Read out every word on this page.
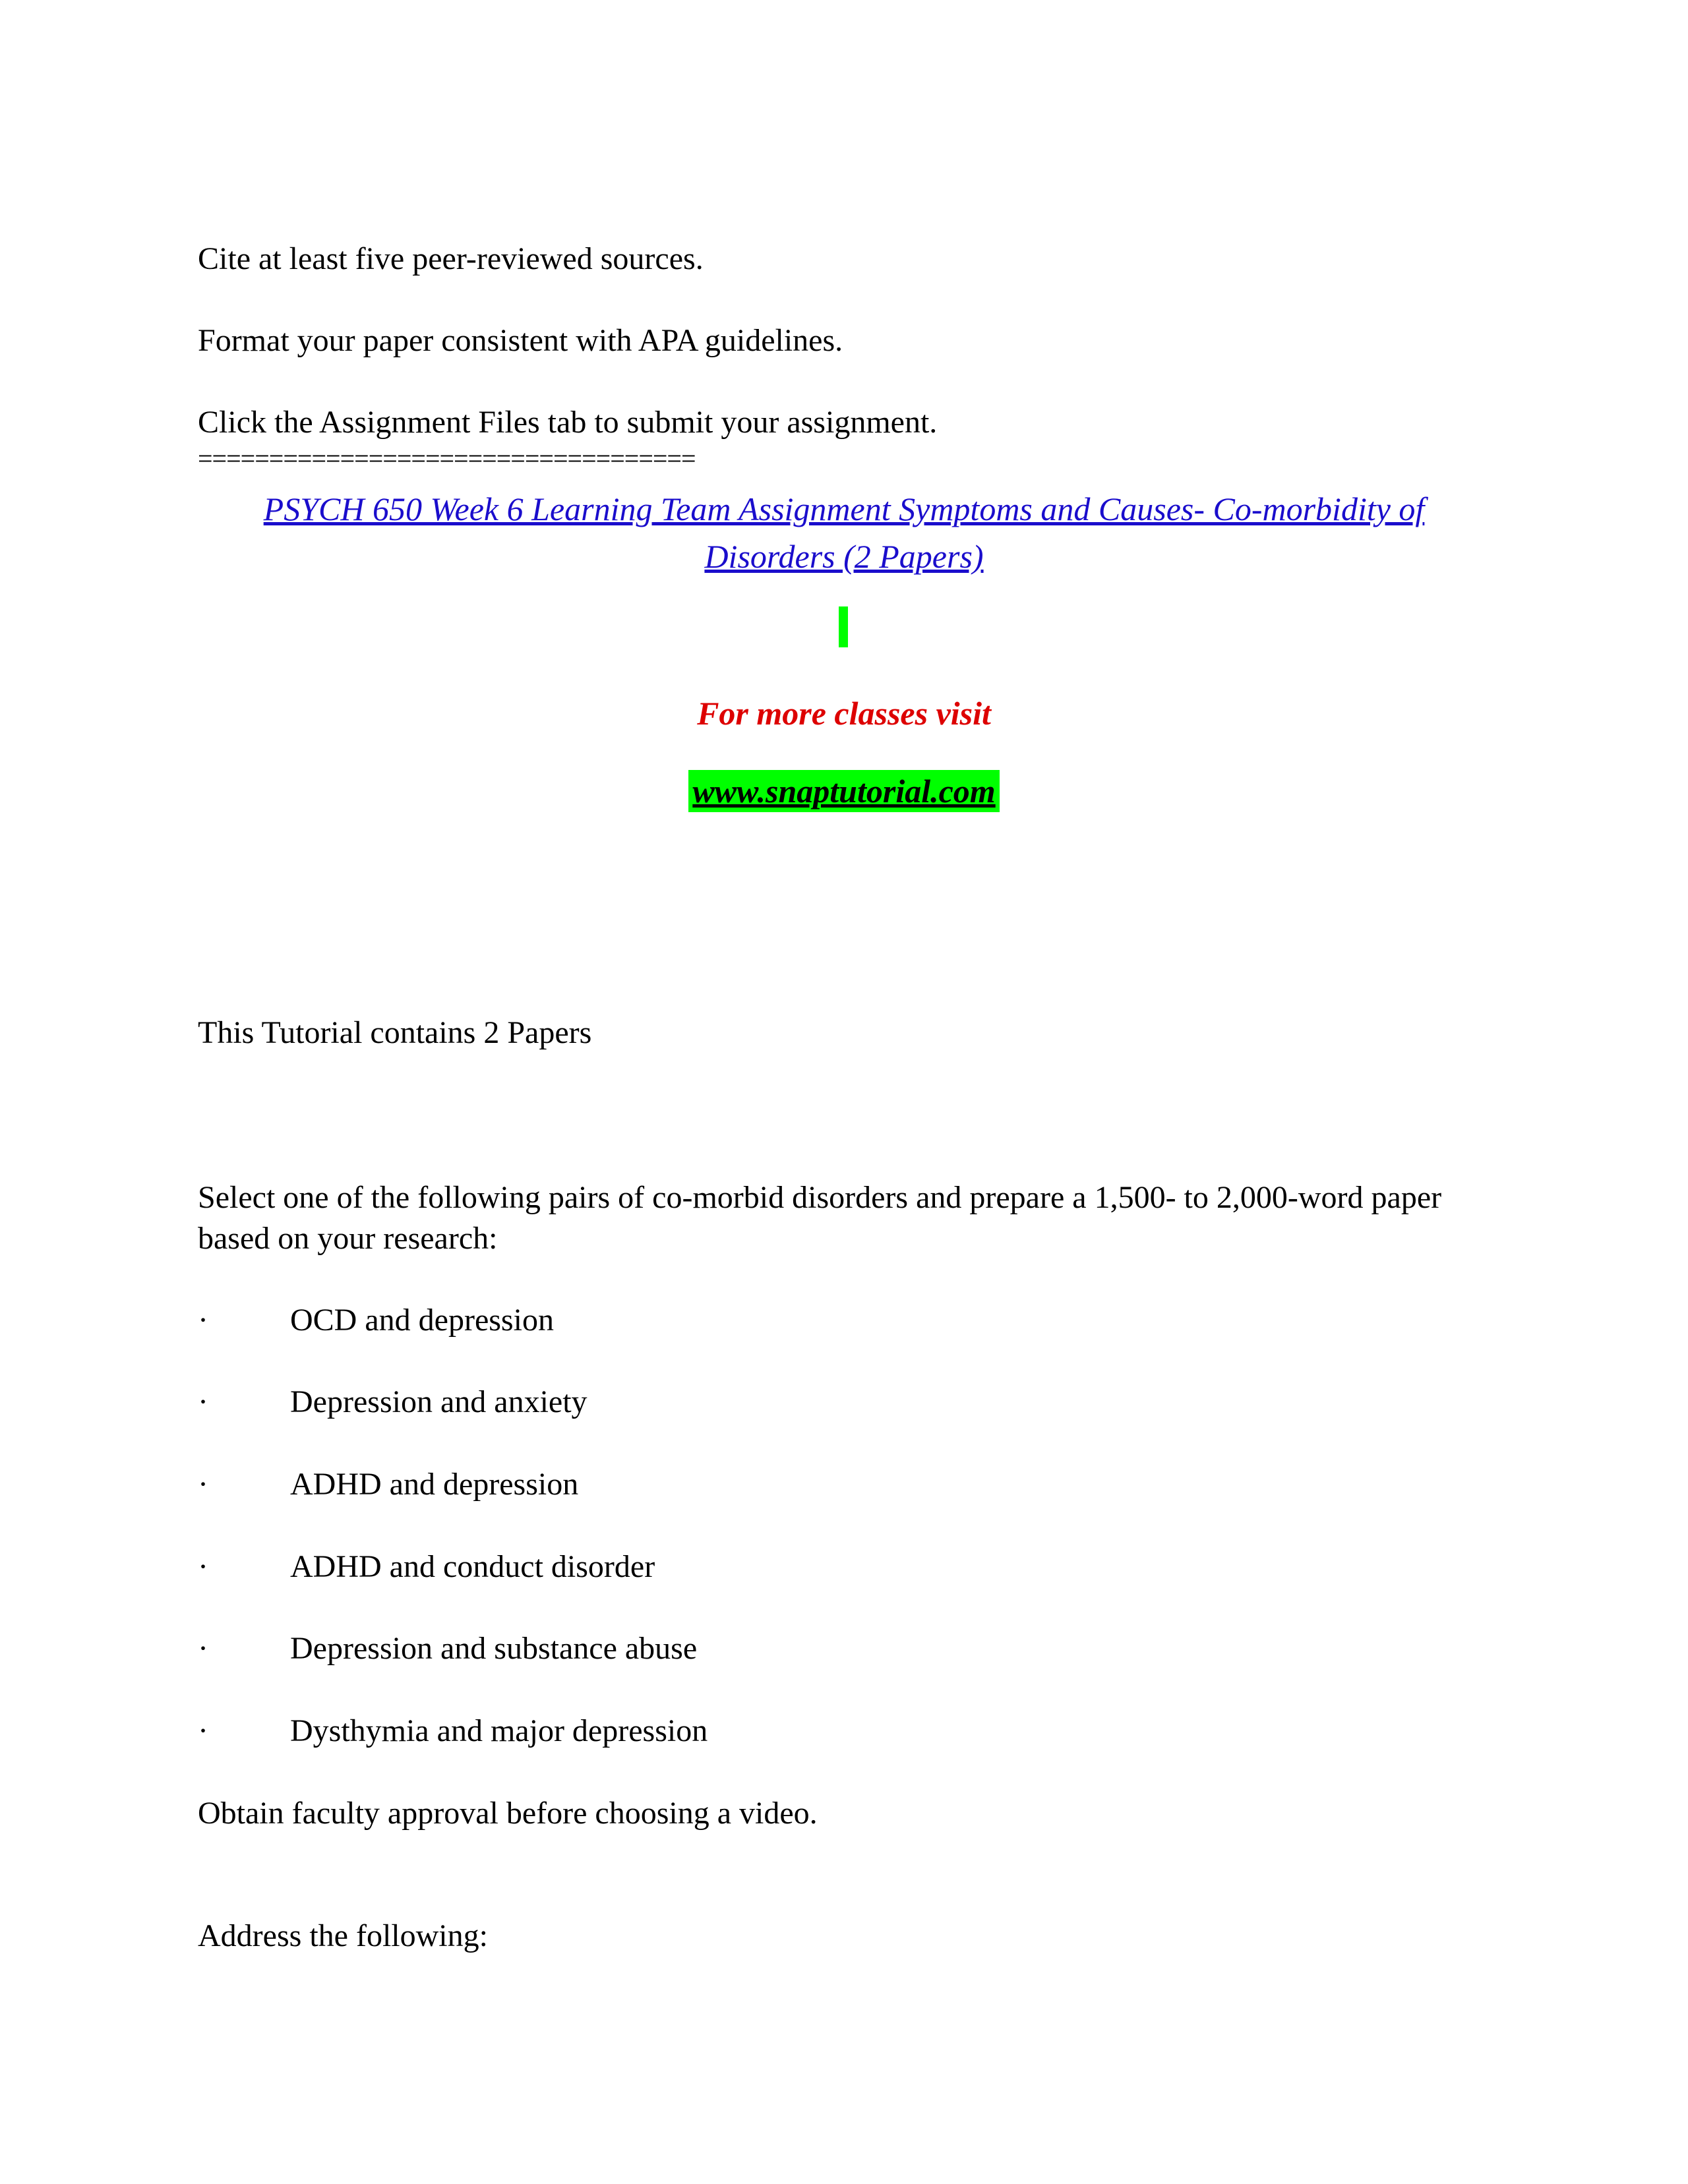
Cite at least five peer-reviewed sources.

Format your paper consistent with APA guidelines.

Click the Assignment Files tab to submit your assignment.

===================================

PSYCH 650 Week 6 Learning Team Assignment Symptoms and Causes- Co-morbidity of Disorders (2 Papers)

For more classes visit

www.snaptutorial.com

This Tutorial contains 2 Papers

Select one of the following pairs of co-morbid disorders and prepare a 1,500- to 2,000-word paper based on your research:

·	OCD and depression
·	Depression and anxiety
·	ADHD and depression
·	ADHD and conduct disorder
·	Depression and substance abuse
·	Dysthymia and major depression

Obtain faculty approval before choosing a video.

Address the following:
